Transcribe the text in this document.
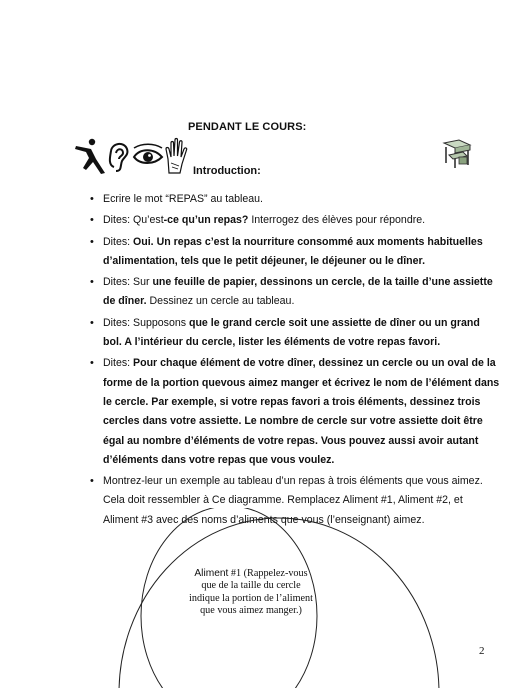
PENDANT LE COURS:
Introduction:
• Ecrire le mot “REPAS” au tableau.
• Dites: Qu’est-ce qu’un repas? Interrogez des élèves pour répondre.
• Dites: Oui. Un repas c’est la nourriture consommé aux moments habituelles d’alimentation, tels que le petit déjeuner, le déjeuner ou le dîner.
• Dites: Sur une feuille de papier, dessinons un cercle, de la taille d’une assiette de dîner. Dessinez un cercle au tableau.
• Dites: Supposons que le grand cercle soit une assiette de dîner ou un grand bol. A l’intérieur du cercle, lister les éléments de votre repas favori.
• Dites: Pour chaque élément de votre dîner, dessinez un cercle ou un oval de la forme de la portion quevous aimez manger et écrivez le nom de l’élément dans le cercle. Par exemple, si votre repas favori a trois éléments, dessinez trois cercles dans votre assiette. Le nombre de cercle sur votre assiette doit être égal au nombre d’éléments de votre repas. Vous pouvez aussi avoir autant d’éléments dans votre repas que vous voulez.
• Montrez-leur un exemple au tableau d’un repas à trois éléments que vous aimez. Cela doit ressembler à Ce diagramme. Remplacez Aliment #1, Aliment #2, et Aliment #3 avec des noms d’aliments que vous (l’enseignant) aimez.
Aliment #1 (Rappelez-vous que de la taille du cercle indique la portion de l’aliment que vous aimez manger.)
2
